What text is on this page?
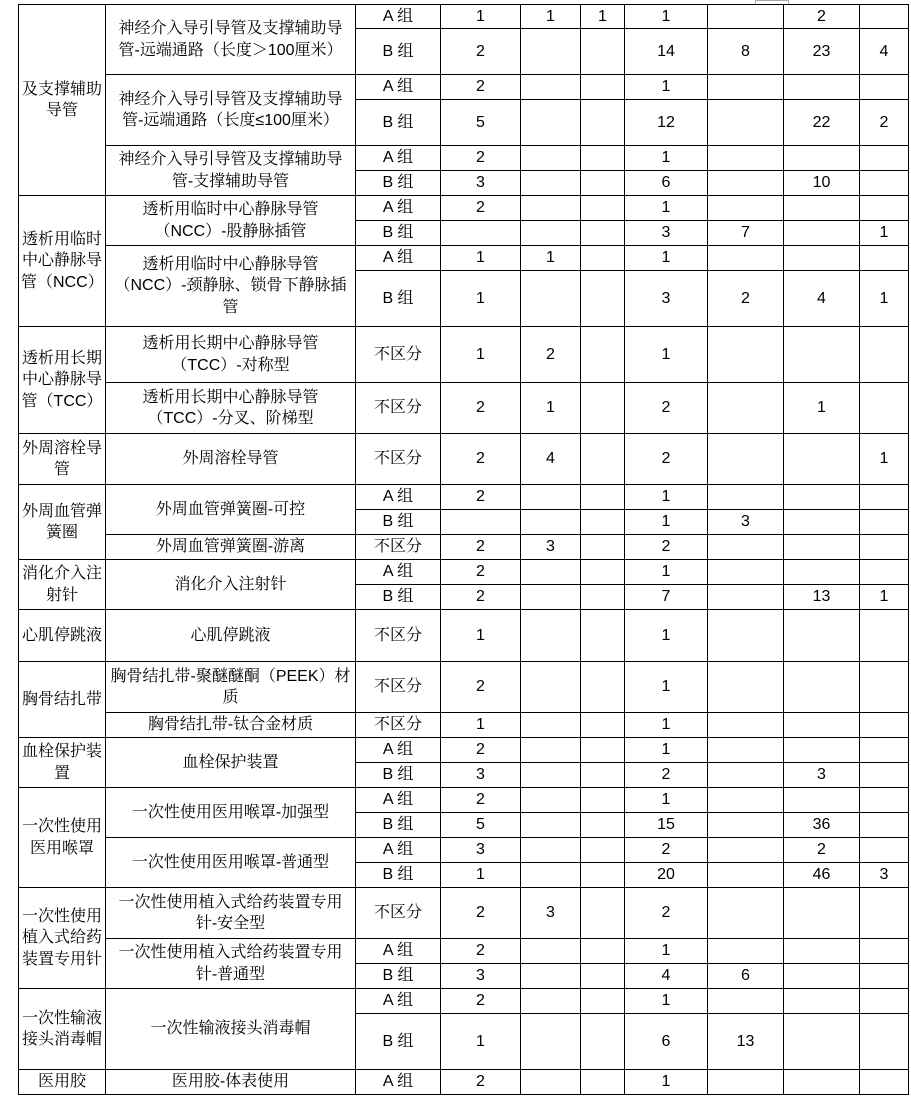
及支撑辅助导管	神经介入导引导管及支撑辅助导管-远端通路（长度＞100厘米）	A 组	1	1	1	1		2	
		B 组	2			14	8	23	4
	神经介入导引导管及支撑辅助导管-远端通路（长度≤100厘米）	A 组	2			1			
		B 组	5			12		22	2
	神经介入导引导管及支撑辅助导管-支撑辅助导管	A 组	2			1			
		B 组	3			6		10	
透析用临时中心静脉导管（NCC）	透析用临时中心静脉导管（NCC）-股静脉插管	A 组	2			1			
		B 组				3	7		1
	透析用临时中心静脉导管（NCC）-颈静脉、锁骨下静脉插管	A 组	1	1		1			
		B 组	1			3	2	4	1
透析用长期中心静脉导管（TCC）	透析用长期中心静脉导管（TCC）-对称型	不区分	1	2		1			
	透析用长期中心静脉导管（TCC）-分叉、阶梯型	不区分	2	1		2		1	
外周溶栓导管	外周溶栓导管	不区分	2	4		2			1
外周血管弹簧圈	外周血管弹簧圈-可控	A 组	2			1			
		B 组				1	3		
	外周血管弹簧圈-游离	不区分	2	3		2			
消化介入注射针	消化介入注射针	A 组	2			1			
		B 组	2			7		13	1
心肌停跳液	心肌停跳液	不区分	1			1			
胸骨结扎带	胸骨结扎带-聚醚醚酮（PEEK）材质	不区分	2			1			
	胸骨结扎带-钛合金材质	不区分	1			1			
血栓保护装置	血栓保护装置	A 组	2			1			
		B 组	3			2		3	
一次性使用医用喉罩	一次性使用医用喉罩-加强型	A 组	2			1			
		B 组	5			15		36	
	一次性使用医用喉罩-普通型	A 组	3			2		2	
		B 组	1			20		46	3
一次性使用植入式给药装置专用针	一次性使用植入式给药装置专用针-安全型	不区分	2	3		2			
	一次性使用植入式给药装置专用针-普通型	A 组	2			1			
		B 组	3			4	6		
一次性输液接头消毒帽	一次性输液接头消毒帽	A 组	2			1			
		B 组	1			6	13		
医用胶	医用胶-体表使用	A 组	2			1			
